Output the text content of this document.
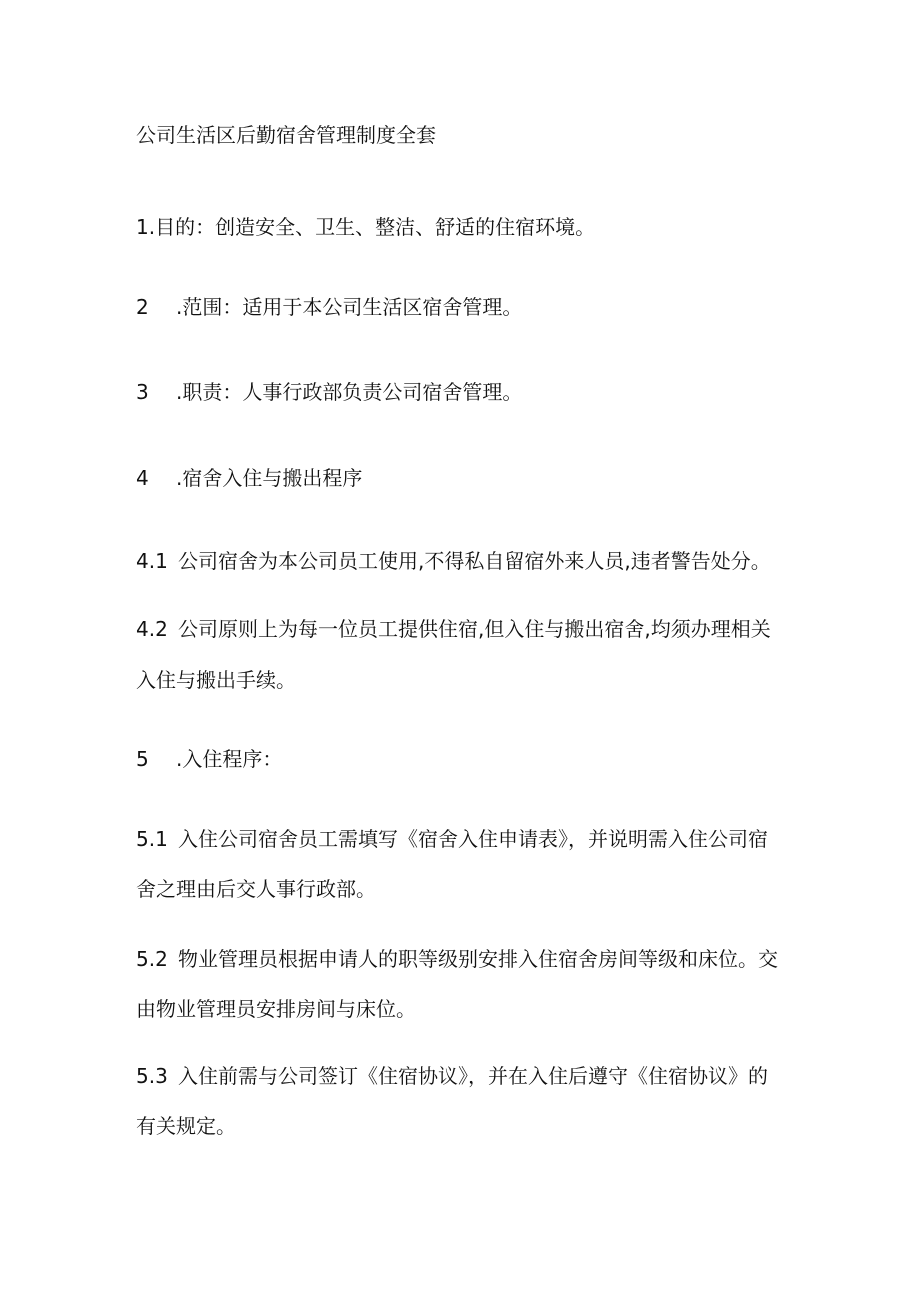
公司生活区后勤宿舍管理制度全套
1.目的：创造安全、卫生、整洁、舒适的住宿环境。
2 .范围：适用于本公司生活区宿舍管理。
3 .职责：人事行政部负责公司宿舍管理。
4 .宿舍入住与搬出程序
4.1 公司宿舍为本公司员工使用,不得私自留宿外来人员,违者警告处分。
4.2 公司原则上为每一位员工提供住宿,但入住与搬出宿舍,均须办理相关
入住与搬出手续。
5 .入住程序：
5.1 入住公司宿舍员工需填写《宿舍入住申请表》，并说明需入住公司宿
舍之理由后交人事行政部。
5.2 物业管理员根据申请人的职等级别安排入住宿舍房间等级和床位。交
由物业管理员安排房间与床位。
5.3 入住前需与公司签订《住宿协议》，并在入住后遵守《住宿协议》的
有关规定。
